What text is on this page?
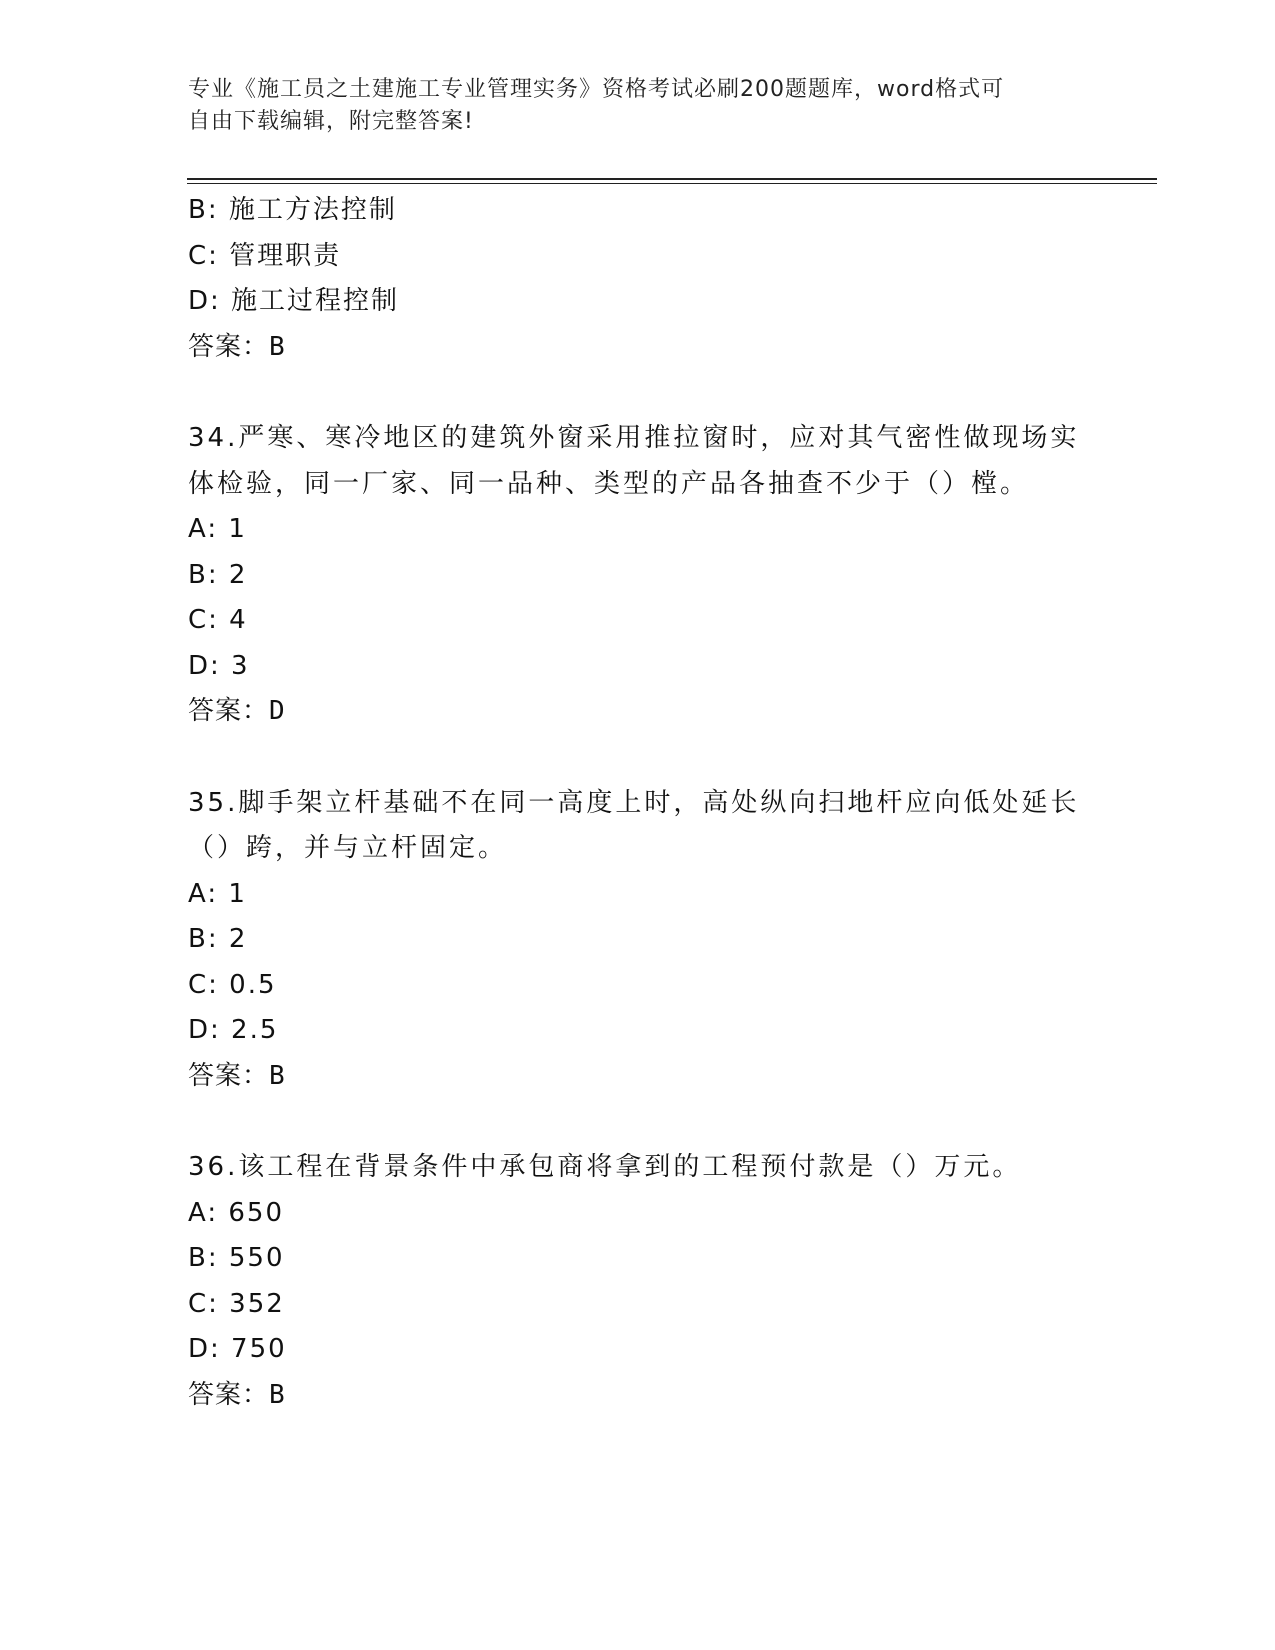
专业《施工员之土建施工专业管理实务》资格考试必刷200题题库，word格式可
自由下载编辑，附完整答案!
B: 施工方法控制
C: 管理职责
D: 施工过程控制
答案：B
34.严寒、寒冷地区的建筑外窗采用推拉窗时，应对其气密性做现场实
体检验，同一厂家、同一品种、类型的产品各抽查不少于（）樘。
A: 1
B: 2
C: 4
D: 3
答案：D
35.脚手架立杆基础不在同一高度上时，高处纵向扫地杆应向低处延长
（）跨，并与立杆固定。
A: 1
B: 2
C: 0.5
D: 2.5
答案：B
36.该工程在背景条件中承包商将拿到的工程预付款是（）万元。
A: 650
B: 550
C: 352
D: 750
答案：B
